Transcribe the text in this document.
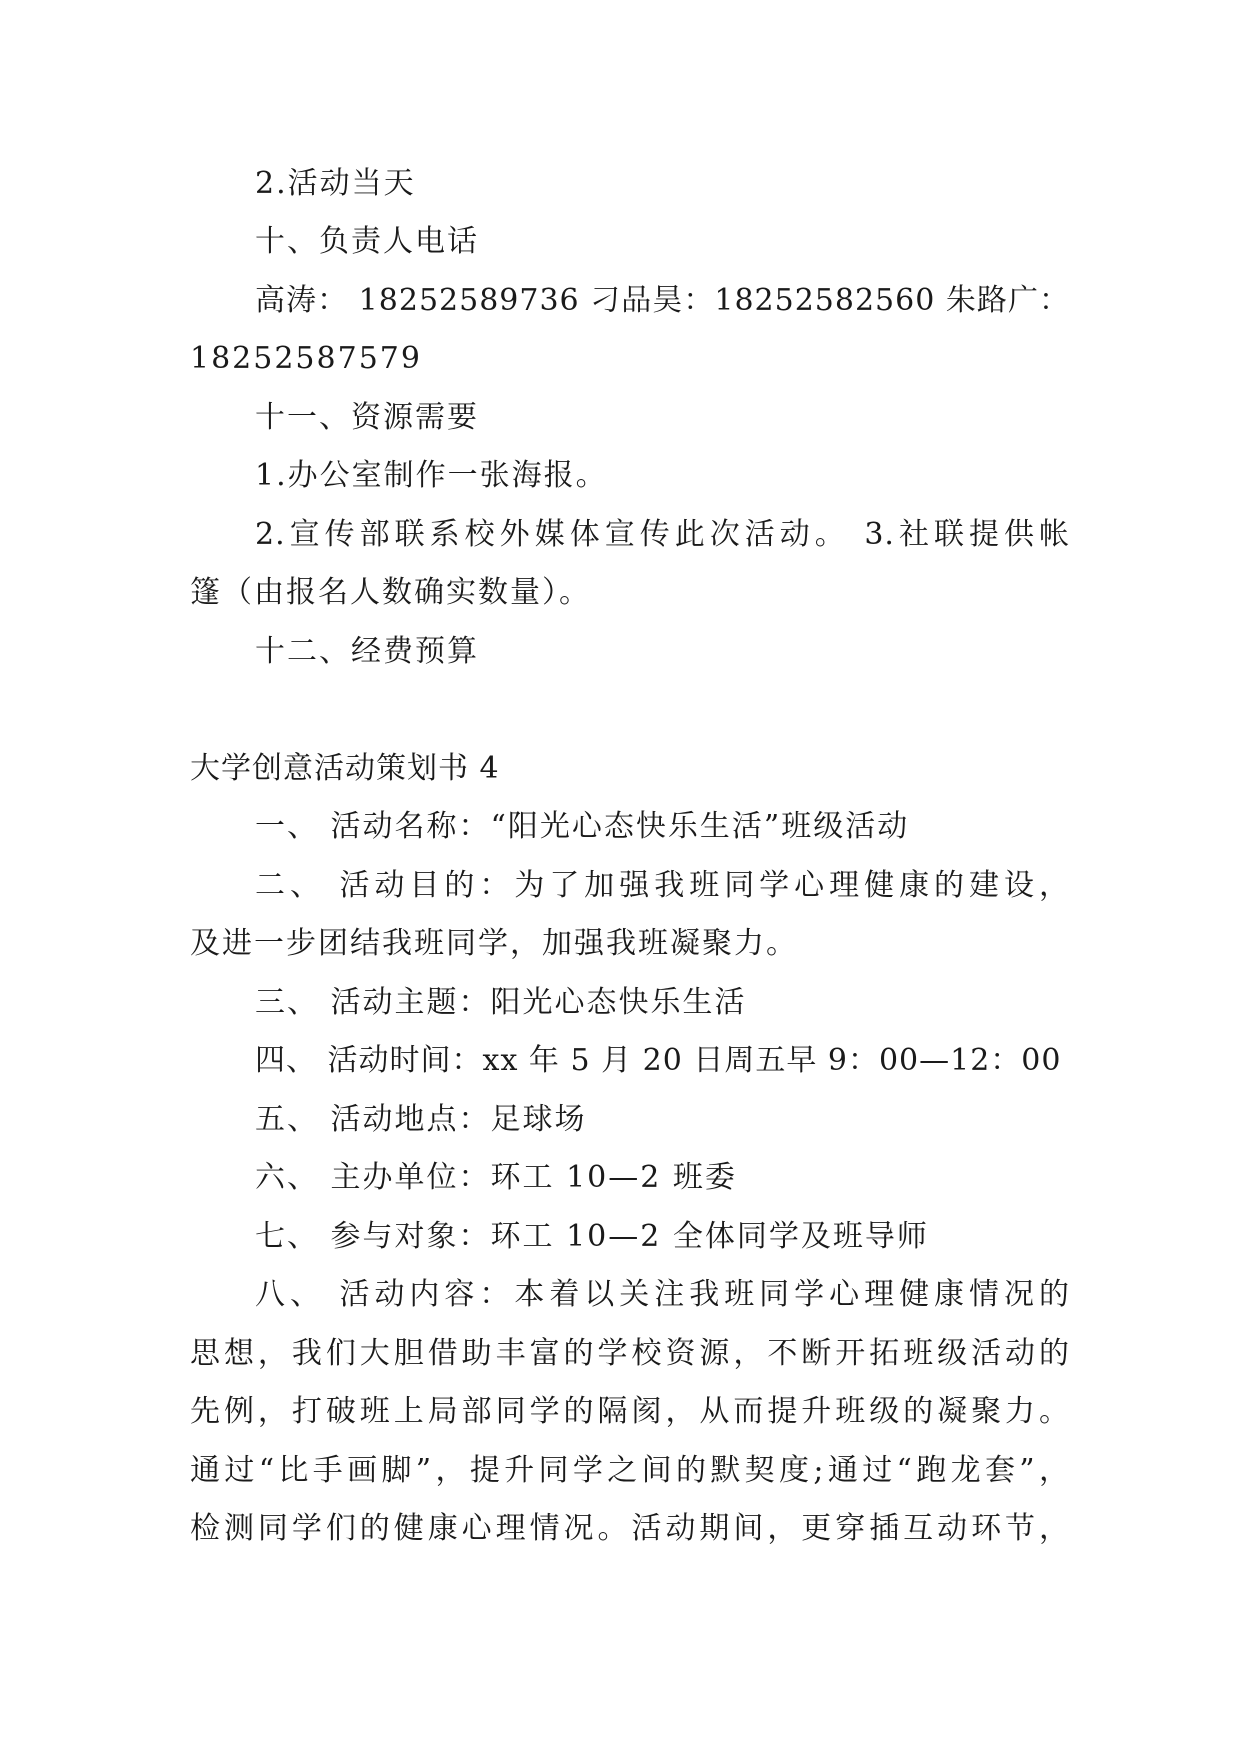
2.活动当天
十、负责人电话
高涛： 18252589736 刁品昊：18252582560 朱路广：
18252587579
十一、资源需要
1.办公室制作一张海报。
2.宣传部联系校外媒体宣传此次活动。 3.社联提供帐
篷（由报名人数确实数量）。
十二、经费预算
大学创意活动策划书 4
一、 活动名称：“阳光心态快乐生活”班级活动
二、 活动目的：为了加强我班同学心理健康的建设，
及进一步团结我班同学，加强我班凝聚力。
三、 活动主题：阳光心态快乐生活
四、 活动时间：xx 年 5 月 20 日周五早 9：00—12：00
五、 活动地点：足球场
六、 主办单位：环工 10—2 班委
七、 参与对象：环工 10—2 全体同学及班导师
八、 活动内容：本着以关注我班同学心理健康情况的
思想，我们大胆借助丰富的学校资源，不断开拓班级活动的
先例，打破班上局部同学的隔阂，从而提升班级的凝聚力。
通过“比手画脚”，提升同学之间的默契度;通过“跑龙套”，
检测同学们的健康心理情况。活动期间，更穿插互动环节，
